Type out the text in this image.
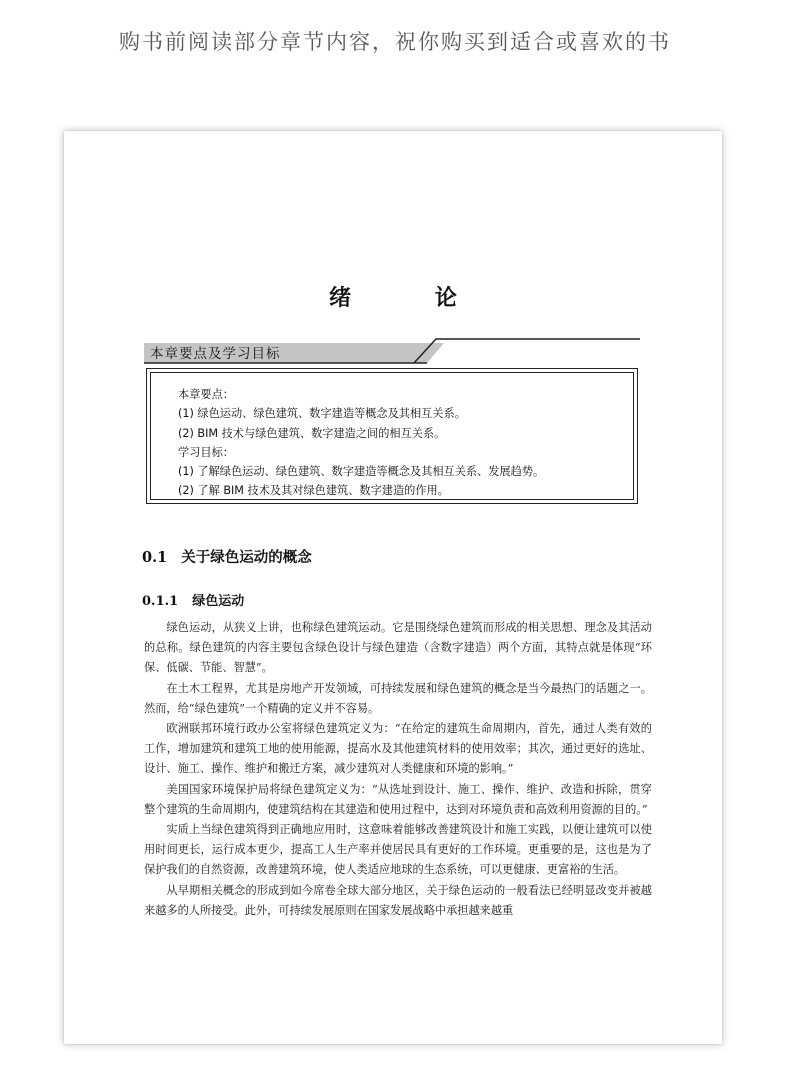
购书前阅读部分章节内容，祝你购买到适合或喜欢的书
绪 论
本章要点及学习目标
本章要点：
(1) 绿色运动、绿色建筑、数字建造等概念及其相互关系。
(2) BIM 技术与绿色建筑、数字建造之间的相互关系。
学习目标：
(1) 了解绿色运动、绿色建筑、数字建造等概念及其相互关系、发展趋势。
(2) 了解 BIM 技术及其对绿色建筑、数字建造的作用。
0.1 关于绿色运动的概念
0.1.1 绿色运动

绿色运动，从狭义上讲，也称绿色建筑运动。它是围绕绿色建筑而形成的相关思想、理念及其活动的总称。绿色建筑的内容主要包含绿色设计与绿色建造（含数字建造）两个方面，其特点就是体现“环保、低碳、节能、智慧”。

在土木工程界，尤其是房地产开发领域，可持续发展和绿色建筑的概念是当今最热门的话题之一。然而，给“绿色建筑”一个精确的定义并不容易。

欧洲联邦环境行政办公室将绿色建筑定义为：“在给定的建筑生命周期内，首先，通过人类有效的工作，增加建筑和建筑工地的使用能源，提高水及其他建筑材料的使用效率；其次，通过更好的选址、设计、施工、操作、维护和搬迁方案，减少建筑对人类健康和环境的影响。”

美国国家环境保护局将绿色建筑定义为：“从选址到设计、施工、操作、维护、改造和拆除，贯穿整个建筑的生命周期内，使建筑结构在其建造和使用过程中，达到对环境负责和高效利用资源的目的。”

实质上当绿色建筑得到正确地应用时，这意味着能够改善建筑设计和施工实践，以便让建筑可以使用时间更长，运行成本更少，提高工人生产率并使居民具有更好的工作环境。更重要的是，这也是为了保护我们的自然资源，改善建筑环境，使人类适应地球的生态系统，可以更健康、更富裕的生活。

从早期相关概念的形成到如今席卷全球大部分地区，关于绿色运动的一般看法已经明显改变并被越来越多的人所接受。此外，可持续发展原则在国家发展战略中承担越来越重
